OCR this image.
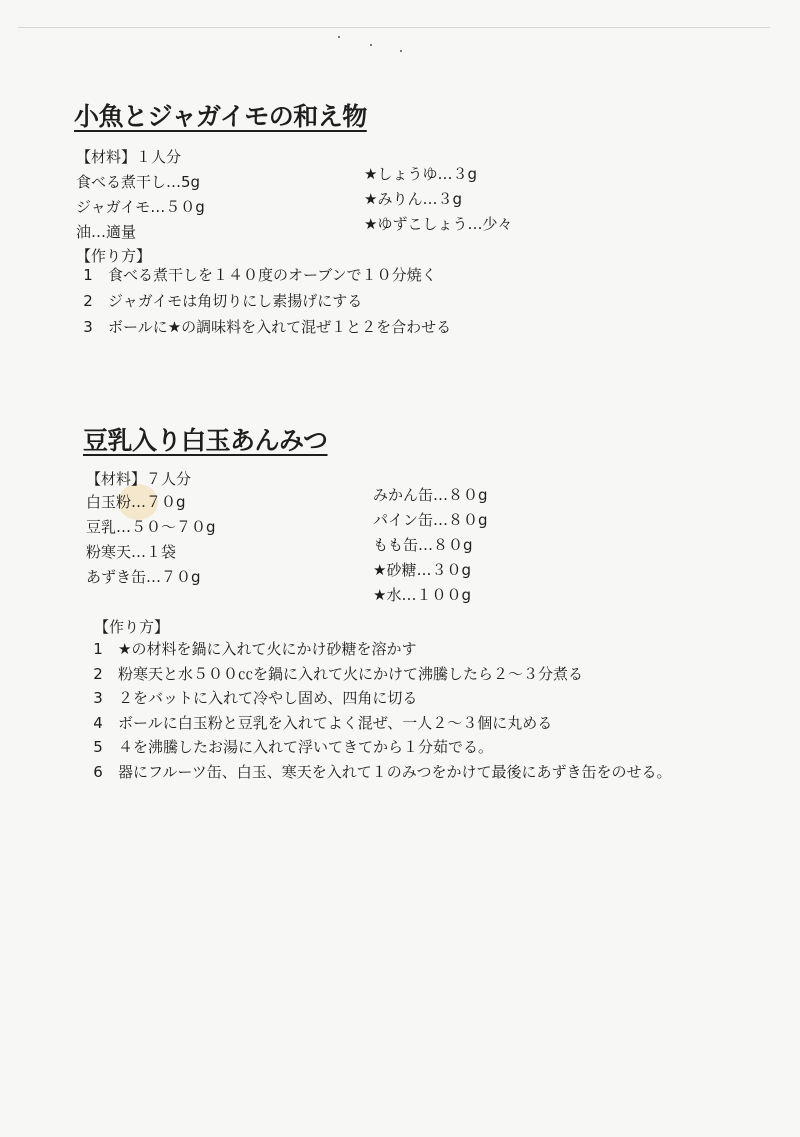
小魚とジャガイモの和え物
【材料】１人分
食べる煮干し…5g
ジャガイモ…５０g
油…適量
★しょうゆ…３g
★みりん…３g
★ゆずこしょう…少々
【作り方】
1	食べる煮干しを１４０度のオーブンで１０分焼く
2	ジャガイモは角切りにし素揚げにする
3	ボールに★の調味料を入れて混ぜ１と２を合わせる
豆乳入り白玉あんみつ
【材料】７人分
白玉粉…７０g
豆乳…５０～７０g
粉寒天…１袋
あずき缶…７０g
みかん缶…８０g
パイン缶…８０g
もも缶…８０g
★砂糖…３０g
★水…１００g
【作り方】
1	★の材料を鍋に入れて火にかけ砂糖を溶かす
2	粉寒天と水５００㏄を鍋に入れて火にかけて沸騰したら２～３分煮る
3	２をバットに入れて冷やし固め、四角に切る
4	ボールに白玉粉と豆乳を入れてよく混ぜ、一人２～３個に丸める
5	４を沸騰したお湯に入れて浮いてきてから１分茹でる。
6	器にフルーツ缶、白玉、寒天を入れて１のみつをかけて最後にあずき缶をのせる。
